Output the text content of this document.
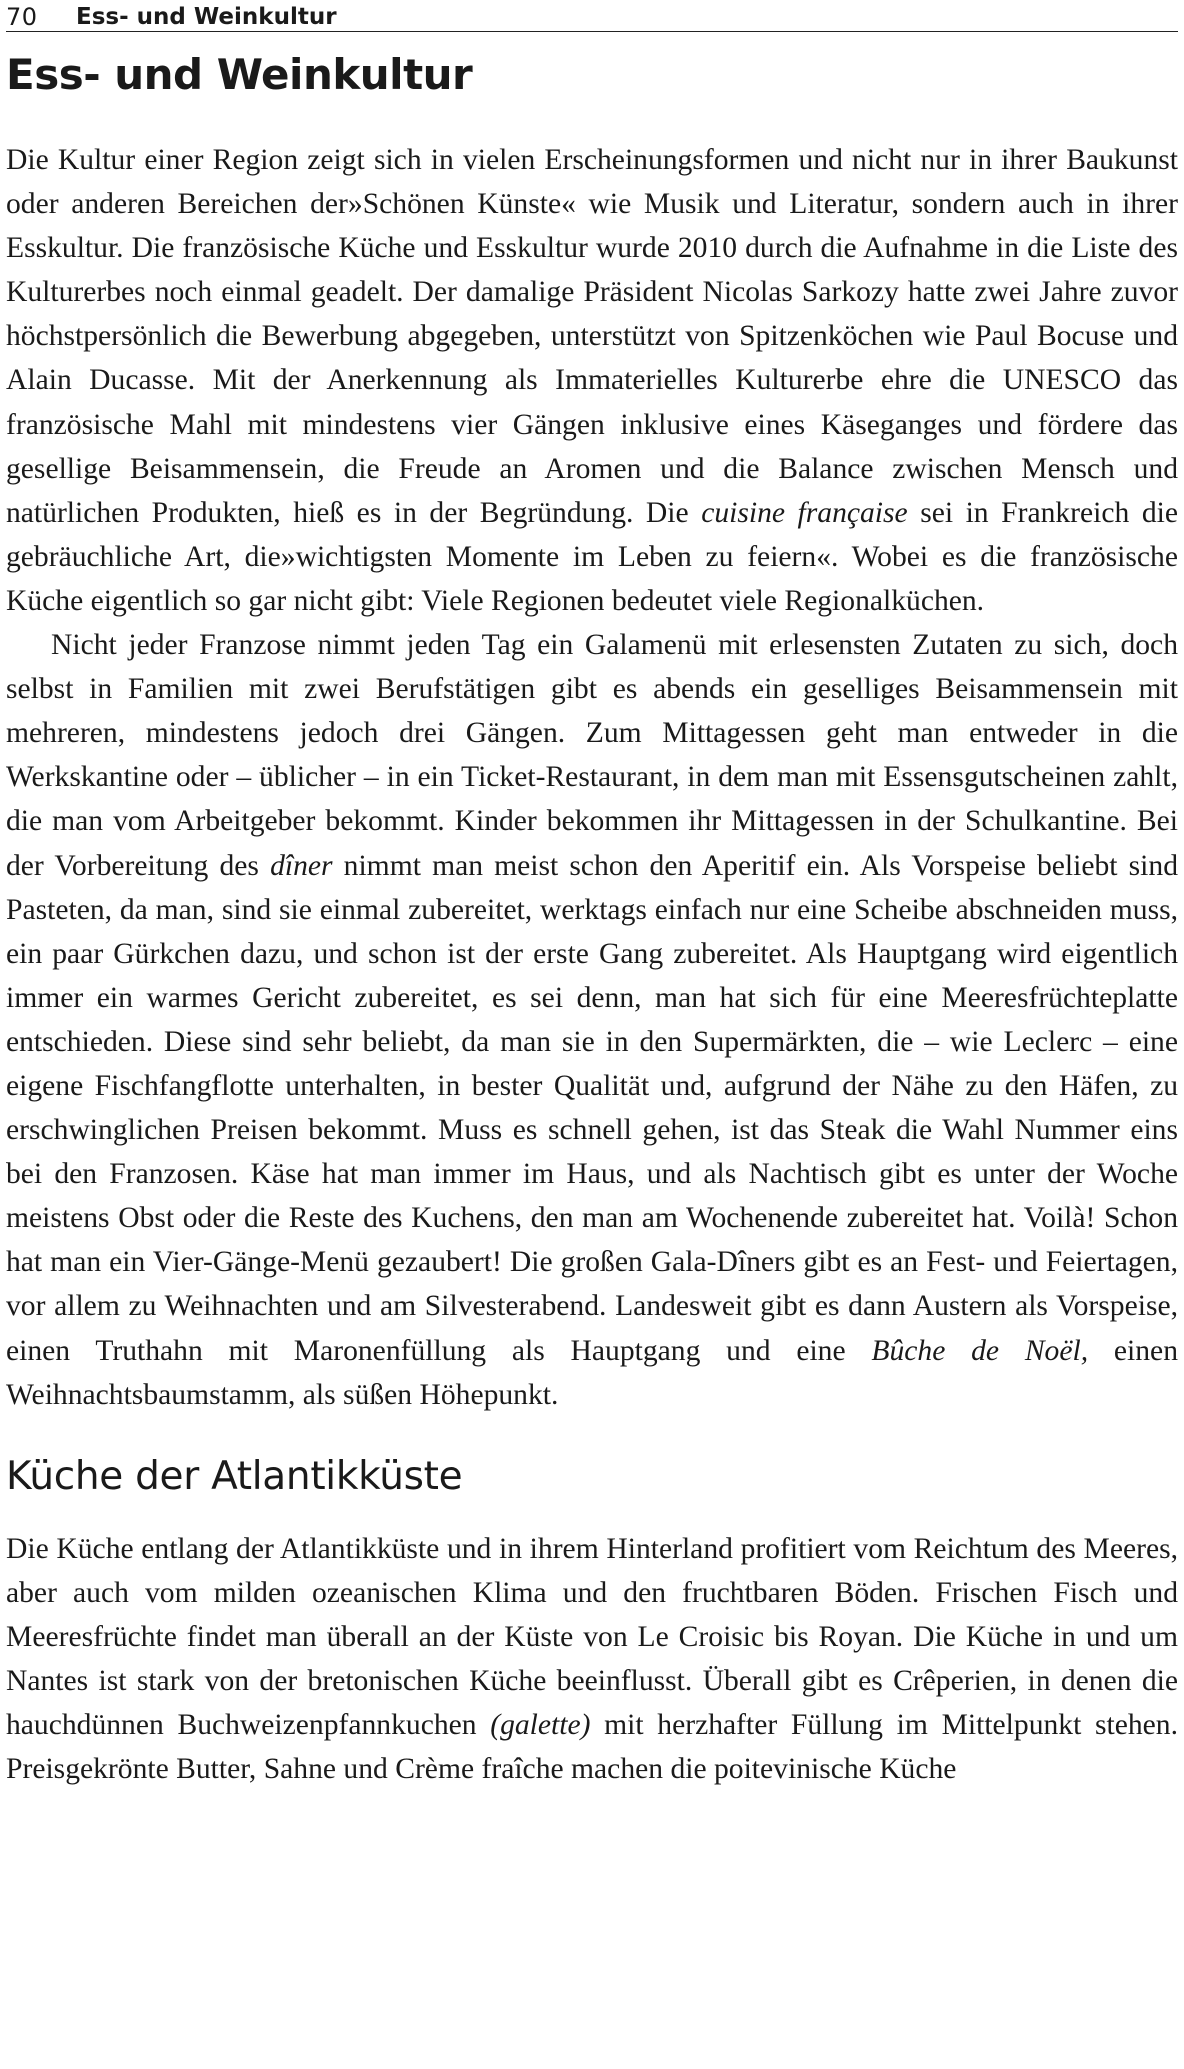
70	Ess- und Weinkultur
Ess- und Weinkultur

Die Kultur einer Region zeigt sich in vielen Erscheinungsformen und nicht nur in ihrer Baukunst oder anderen Bereichen der»Schönen Künste« wie Musik und Literatur, sondern auch in ihrer Esskultur. Die französische Küche und Esskultur wurde 2010 durch die Aufnahme in die Liste des Kulturerbes noch einmal geadelt. Der damalige Präsident Nicolas Sarkozy hatte zwei Jahre zuvor höchstpersönlich die Bewerbung abgegeben, unterstützt von Spitzenköchen wie Paul Bocuse und Alain Ducasse. Mit der Anerkennung als Immaterielles Kulturerbe ehre die UNESCO das französische Mahl mit mindestens vier Gängen inklusive eines Käseganges und fördere das gesellige Beisammensein, die Freude an Aromen und die Balance zwischen Mensch und natürlichen Produkten, hieß es in der Begründung. Die cuisine française sei in Frankreich die gebräuchliche Art, die»wichtigsten Momente im Leben zu feiern«. Wobei es die französische Küche eigentlich so gar nicht gibt: Viele Regionen bedeutet viele Regionalküchen.

Nicht jeder Franzose nimmt jeden Tag ein Galamenü mit erlesensten Zutaten zu sich, doch selbst in Familien mit zwei Berufstätigen gibt es abends ein geselliges Beisammensein mit mehreren, mindestens jedoch drei Gängen. Zum Mittagessen geht man entweder in die Werkskantine oder – üblicher – in ein Ticket-Restaurant, in dem man mit Essensgutscheinen zahlt, die man vom Arbeitgeber bekommt. Kinder bekommen ihr Mittagessen in der Schulkantine. Bei der Vorbereitung des dîner nimmt man meist schon den Aperitif ein. Als Vorspeise beliebt sind Pasteten, da man, sind sie einmal zubereitet, werktags einfach nur eine Scheibe abschneiden muss, ein paar Gürkchen dazu, und schon ist der erste Gang zubereitet. Als Hauptgang wird eigentlich immer ein warmes Gericht zubereitet, es sei denn, man hat sich für eine Meeresfrüchteplatte entschieden. Diese sind sehr beliebt, da man sie in den Supermärkten, die – wie Leclerc – eine eigene Fischfangflotte unterhalten, in bester Qualität und, aufgrund der Nähe zu den Häfen, zu erschwinglichen Preisen bekommt. Muss es schnell gehen, ist das Steak die Wahl Nummer eins bei den Franzosen. Käse hat man immer im Haus, und als Nachtisch gibt es unter der Woche meistens Obst oder die Reste des Kuchens, den man am Wochenende zubereitet hat. Voilà! Schon hat man ein Vier-Gänge-Menü gezaubert! Die großen Gala-Dîners gibt es an Fest- und Feiertagen, vor allem zu Weihnachten und am Silvesterabend. Landesweit gibt es dann Austern als Vorspeise, einen Truthahn mit Maronenfüllung als Hauptgang und eine Bûche de Noël, einen Weihnachtsbaumstamm, als süßen Höhepunkt.

Küche der Atlantikküste

Die Küche entlang der Atlantikküste und in ihrem Hinterland profitiert vom Reichtum des Meeres, aber auch vom milden ozeanischen Klima und den fruchtbaren Böden. Frischen Fisch und Meeresfrüchte findet man überall an der Küste von Le Croisic bis Royan. Die Küche in und um Nantes ist stark von der bretonischen Küche beeinflusst. Überall gibt es Crêperien, in denen die hauchdünnen Buchweizenpfannkuchen (galette) mit herzhafter Füllung im Mittelpunkt stehen. Preisgekrönte Butter, Sahne und Crème fraîche machen die poitevinische Küche
